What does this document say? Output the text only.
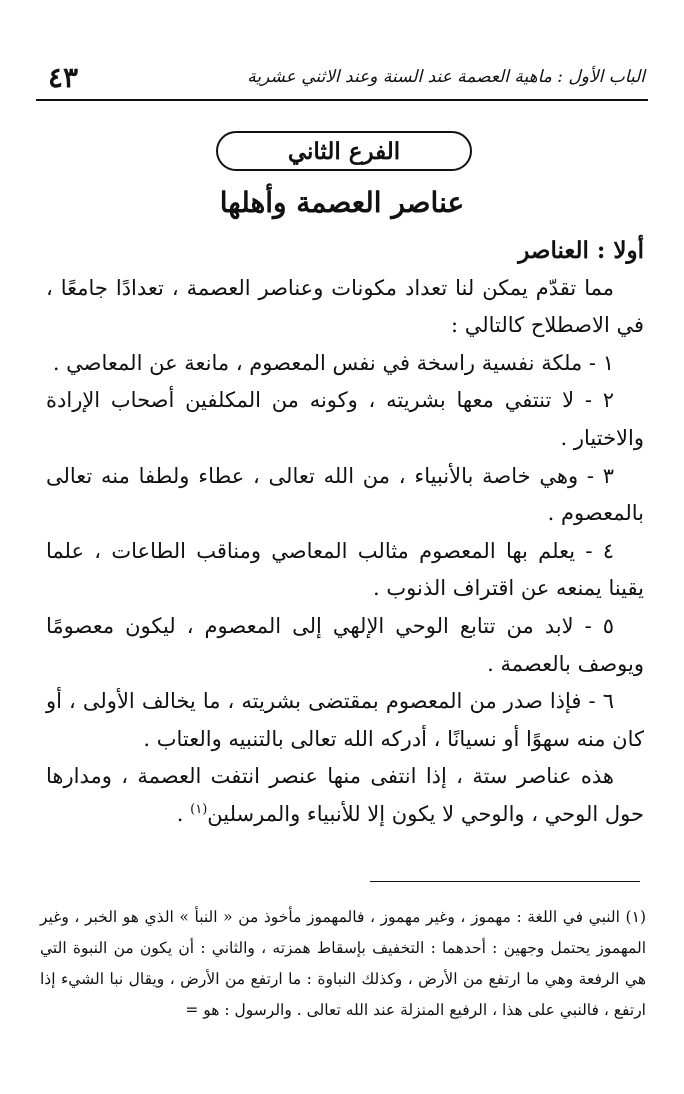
٤٣	الباب الأول : ماهية العصمة عند السنة وعند الاثني عشرية
الفرع الثاني
عناصر العصمة وأهلها

أولا : العناصر

مما تقدّم يمكن لنا تعداد مكونات وعناصر العصمة ، تعدادًا جامعًا ، في الاصطلاح كالتالي :

١ - ملكة نفسية راسخة في نفس المعصوم ، مانعة عن المعاصي .

٢ - لا تنتفي معها بشريته ، وكونه من المكلفين أصحاب الإرادة والاختيار .

٣ - وهي خاصة بالأنبياء ، من الله تعالى ، عطاء ولطفا منه تعالى بالمعصوم .

٤ - يعلم بها المعصوم مثالب المعاصي ومناقب الطاعات ، علما يقينا يمنعه عن اقتراف الذنوب .

٥ - لابد من تتابع الوحي الإلهي إلى المعصوم ، ليكون معصومًا ويوصف بالعصمة .

٦ - فإذا صدر من المعصوم بمقتضى بشريته ، ما يخالف الأولى ، أو كان منه سهوًا أو نسيانًا ، أدركه الله تعالى بالتنبيه والعتاب .

هذه عناصر ستة ، إذا انتفى منها عنصر انتفت العصمة ، ومدارها حول الوحي ، والوحي لا يكون إلا للأنبياء والمرسلين$^{(١)}$ .

(١) النبي في اللغة : مهموز ، وغير مهموز ، فالمهموز مأخوذ من « النبأ » الذي هو الخبر ، وغير المهموز يحتمل وجهين : أحدهما : التخفيف بإسقاط همزته ، والثاني : أن يكون من النبوة التي هي الرفعة وهي ما ارتفع من الأرض ، وكذلك النباوة : ما ارتفع من الأرض ، ويقال نبا الشيء إذا ارتفع ، فالنبي على هذا ، الرفيع المنزلة عند الله تعالى . والرسول : هو =
